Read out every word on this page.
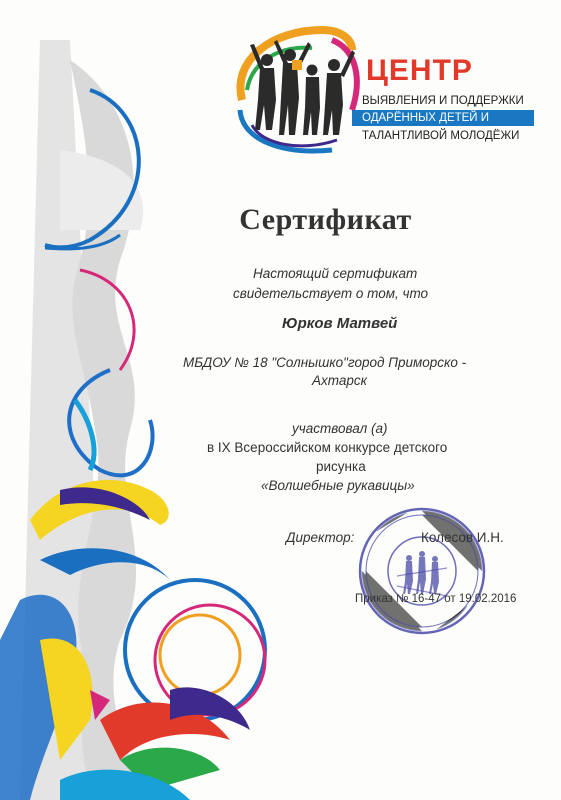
ЦЕНТР
ВЫЯВЛЕНИЯ И ПОДДЕРЖКИ
ОДАРЁННЫХ ДЕТЕЙ И
ТАЛАНТЛИВОЙ МОЛОДЁЖИ
Сертификат
Настоящий сертификат
свидетельствует о том, что
Юрков Матвей
МБДОУ № 18 "Солнышко"город Приморско -
Ахтарск
участвовал (а)
в IX Всероссийском конкурсе детского
рисунка
«Волшебные рукавицы»
Директор:	Колесов И.Н.
Приказ № 16-47 от 19.02.2016
